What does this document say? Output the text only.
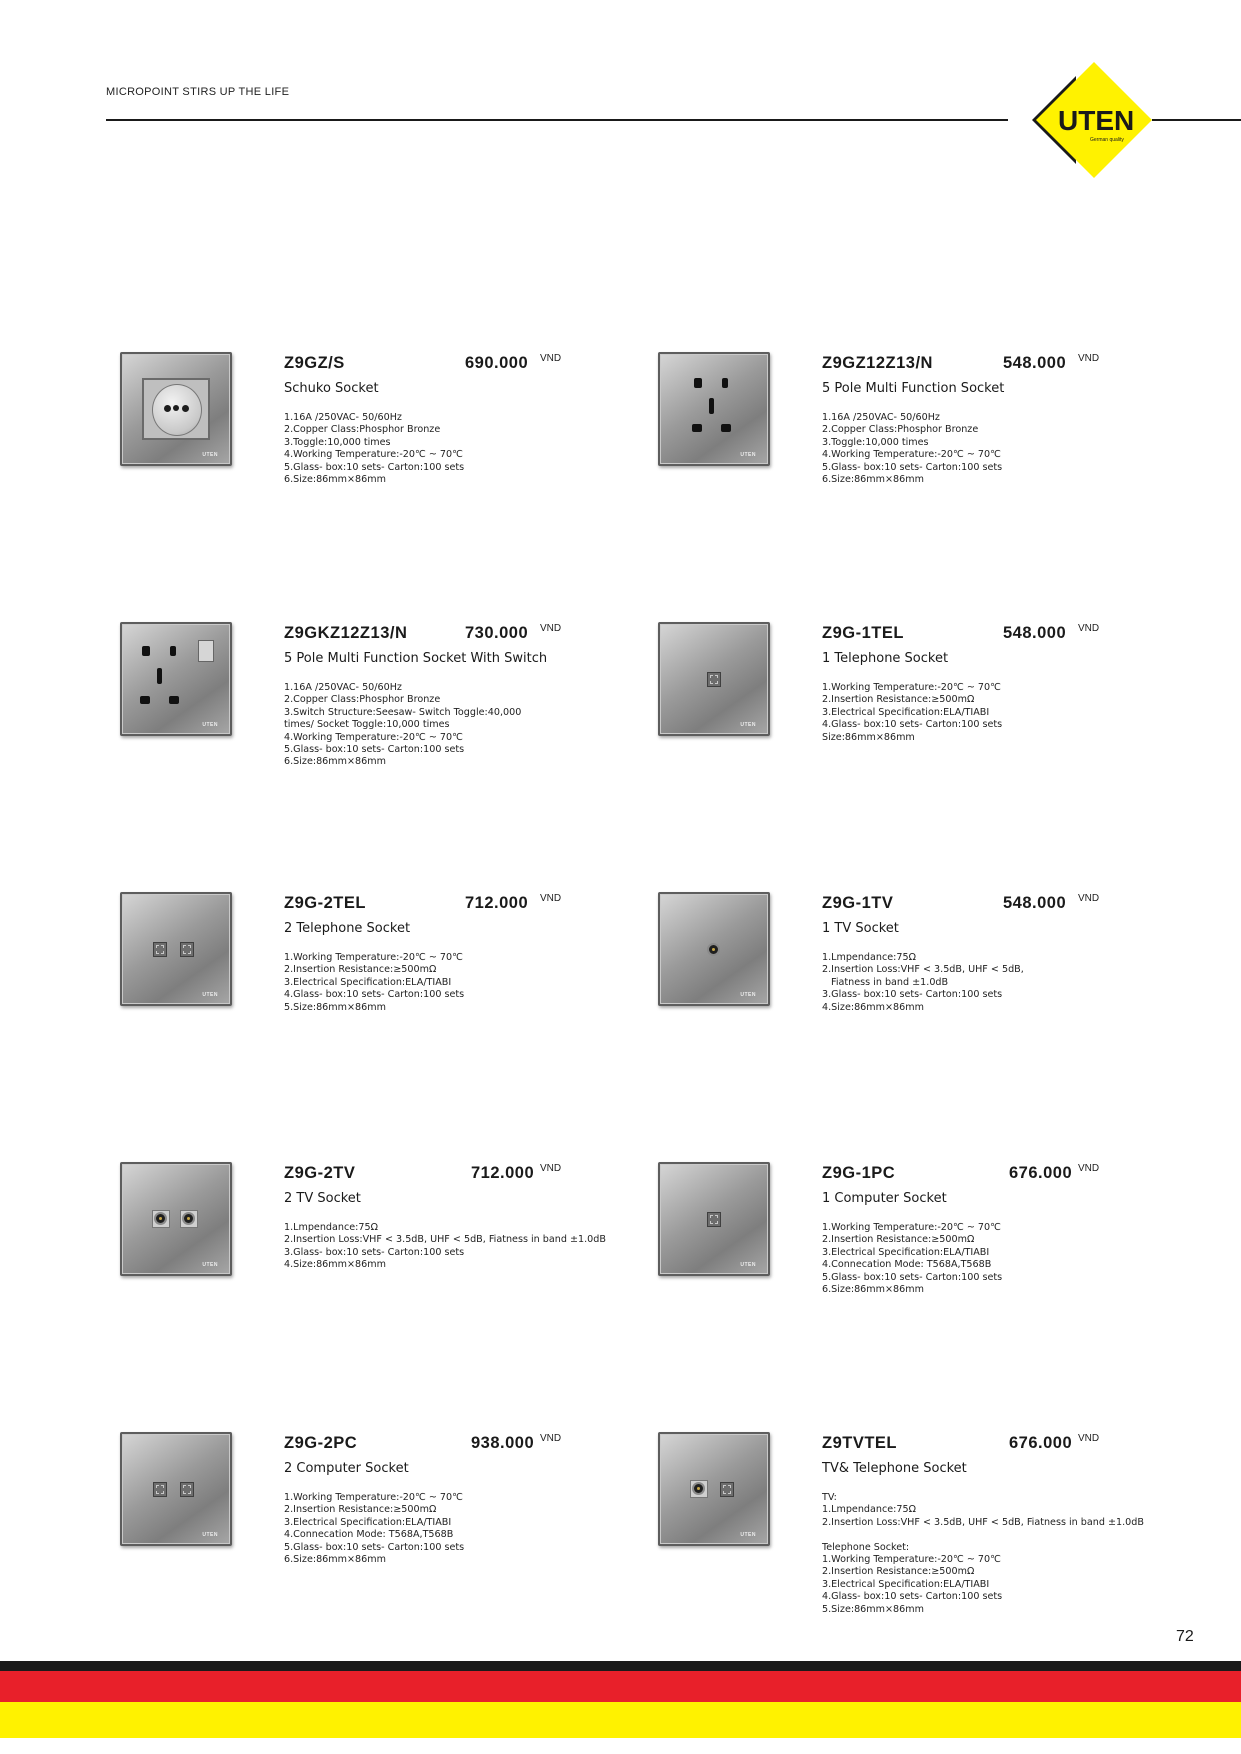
MICROPOINT STIRS UP THE LIFE
UTEN
German quality
UTEN
Z9GZ/S	690.000 VND
Schuko Socket
1.16A /250VAC- 50/60Hz
2.Copper Class:Phosphor Bronze
3.Toggle:10,000 times
4.Working Temperature:-20℃ ~ 70℃
5.Glass- box:10 sets- Carton:100 sets
6.Size:86mm×86mm
UTEN
Z9GZ12Z13/N	548.000 VND
5 Pole Multi Function Socket
1.16A /250VAC- 50/60Hz
2.Copper Class:Phosphor Bronze
3.Toggle:10,000 times
4.Working Temperature:-20℃ ~ 70℃
5.Glass- box:10 sets- Carton:100 sets
6.Size:86mm×86mm
UTEN
Z9GKZ12Z13/N	730.000 VND
5 Pole Multi Function Socket With Switch
1.16A /250VAC- 50/60Hz
2.Copper Class:Phosphor Bronze
3.Switch Structure:Seesaw- Switch Toggle:40,000
times/ Socket Toggle:10,000 times
4.Working Temperature:-20℃ ~ 70℃
5.Glass- box:10 sets- Carton:100 sets
6.Size:86mm×86mm
UTEN
Z9G-1TEL	548.000 VND
1 Telephone Socket
1.Working Temperature:-20℃ ~ 70℃
2.Insertion Resistance:≥500mΩ
3.Electrical Specification:ELA/TIABI
4.Glass- box:10 sets- Carton:100 sets
Size:86mm×86mm
UTEN
Z9G-2TEL	712.000 VND
2 Telephone Socket
1.Working Temperature:-20℃ ~ 70℃
2.Insertion Resistance:≥500mΩ
3.Electrical Specification:ELA/TIABI
4.Glass- box:10 sets- Carton:100 sets
5.Size:86mm×86mm
UTEN
Z9G-1TV	548.000 VND
1 TV Socket
1.Lmpendance:75Ω
2.Insertion Loss:VHF < 3.5dB, UHF < 5dB,
Fiatness in band ±1.0dB
3.Glass- box:10 sets- Carton:100 sets
4.Size:86mm×86mm
UTEN
Z9G-2TV	712.000 VND
2 TV Socket
1.Lmpendance:75Ω
2.Insertion Loss:VHF < 3.5dB, UHF < 5dB, Fiatness in band ±1.0dB
3.Glass- box:10 sets- Carton:100 sets
4.Size:86mm×86mm	UTEN
Z9G-1PC	676.000 VND
1 Computer Socket
1.Working Temperature:-20℃ ~ 70℃
2.Insertion Resistance:≥500mΩ
3.Electrical Specification:ELA/TIABI
4.Connecation Mode: T568A,T568B
5.Glass- box:10 sets- Carton:100 sets
6.Size:86mm×86mm
UTEN
Z9G-2PC	938.000 VND
2 Computer Socket
1.Working Temperature:-20℃ ~ 70℃
2.Insertion Resistance:≥500mΩ
3.Electrical Specification:ELA/TIABI
4.Connecation Mode: T568A,T568B
5.Glass- box:10 sets- Carton:100 sets
6.Size:86mm×86mm
UTEN
Z9TVTEL	676.000 VND
TV& Telephone Socket
TV:
1.Lmpendance:75Ω
2.Insertion Loss:VHF < 3.5dB, UHF < 5dB, Fiatness in band ±1.0dB
Telephone Socket:
1.Working Temperature:-20℃ ~ 70℃
2.Insertion Resistance:≥500mΩ
3.Electrical Specification:ELA/TIABI
4.Glass- box:10 sets- Carton:100 sets
5.Size:86mm×86mm
72
